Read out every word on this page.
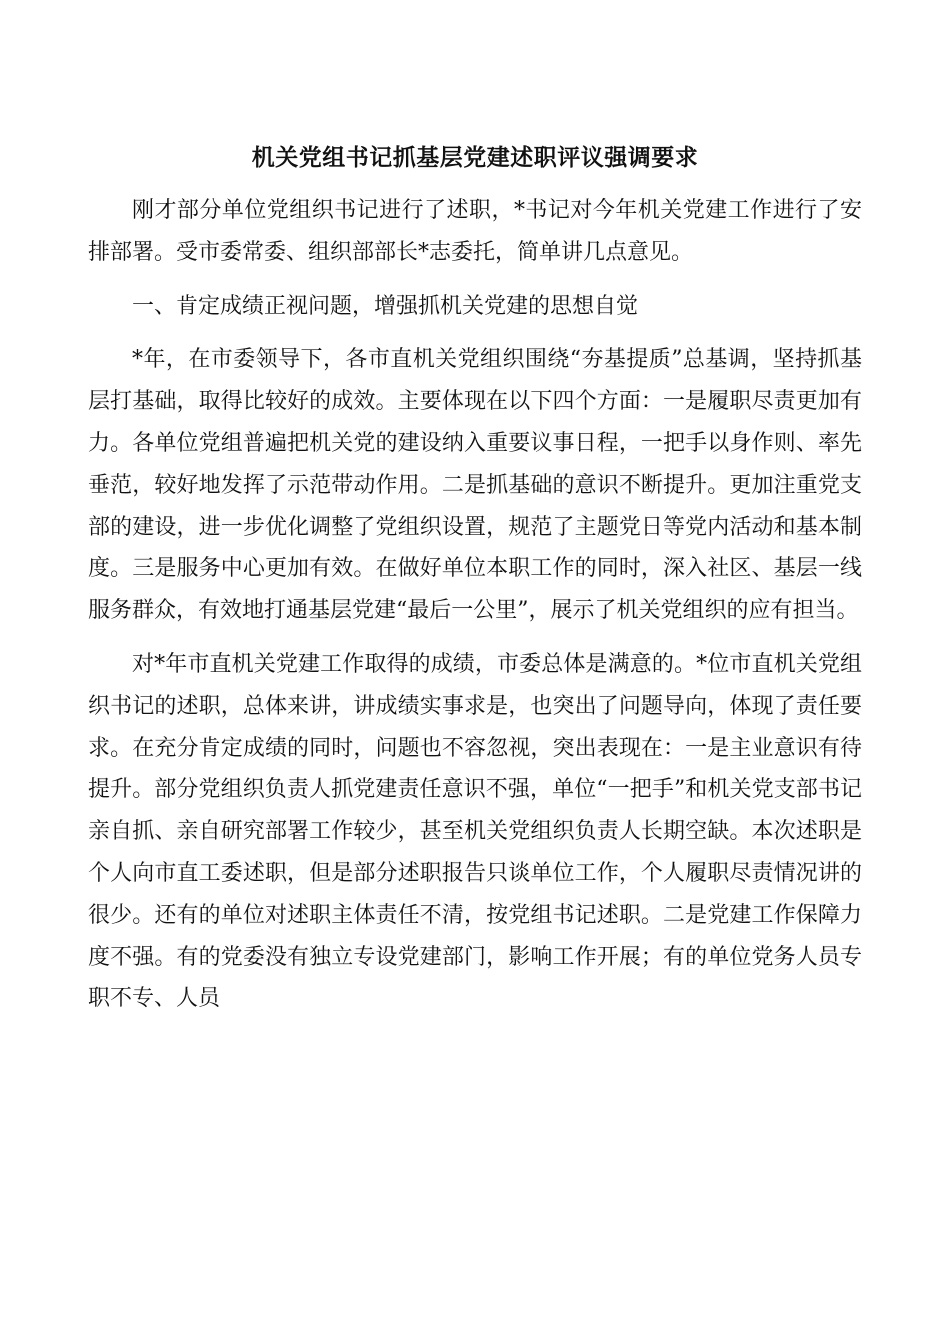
机关党组书记抓基层党建述职评议强调要求

刚才部分单位党组织书记进行了述职，*书记对今年机关党建工作进行了安排部署。受市委常委、组织部部长*志委托，简单讲几点意见。

一、肯定成绩正视问题，增强抓机关党建的思想自觉

*年，在市委领导下，各市直机关党组织围绕“夯基提质”总基调，坚持抓基层打基础，取得比较好的成效。主要体现在以下四个方面：一是履职尽责更加有力。各单位党组普遍把机关党的建设纳入重要议事日程，一把手以身作则、率先垂范，较好地发挥了示范带动作用。二是抓基础的意识不断提升。更加注重党支部的建设，进一步优化调整了党组织设置，规范了主题党日等党内活动和基本制度。三是服务中心更加有效。在做好单位本职工作的同时，深入社区、基层一线服务群众，有效地打通基层党建“最后一公里”，展示了机关党组织的应有担当。

对*年市直机关党建工作取得的成绩，市委总体是满意的。*位市直机关党组织书记的述职，总体来讲，讲成绩实事求是，也突出了问题导向，体现了责任要求。在充分肯定成绩的同时，问题也不容忽视，突出表现在：一是主业意识有待提升。部分党组织负责人抓党建责任意识不强，单位“一把手”和机关党支部书记亲自抓、亲自研究部署工作较少，甚至机关党组织负责人长期空缺。本次述职是个人向市直工委述职，但是部分述职报告只谈单位工作，个人履职尽责情况讲的很少。还有的单位对述职主体责任不清，按党组书记述职。二是党建工作保障力度不强。有的党委没有独立专设党建部门，影响工作开展；有的单位党务人员专职不专、人员
